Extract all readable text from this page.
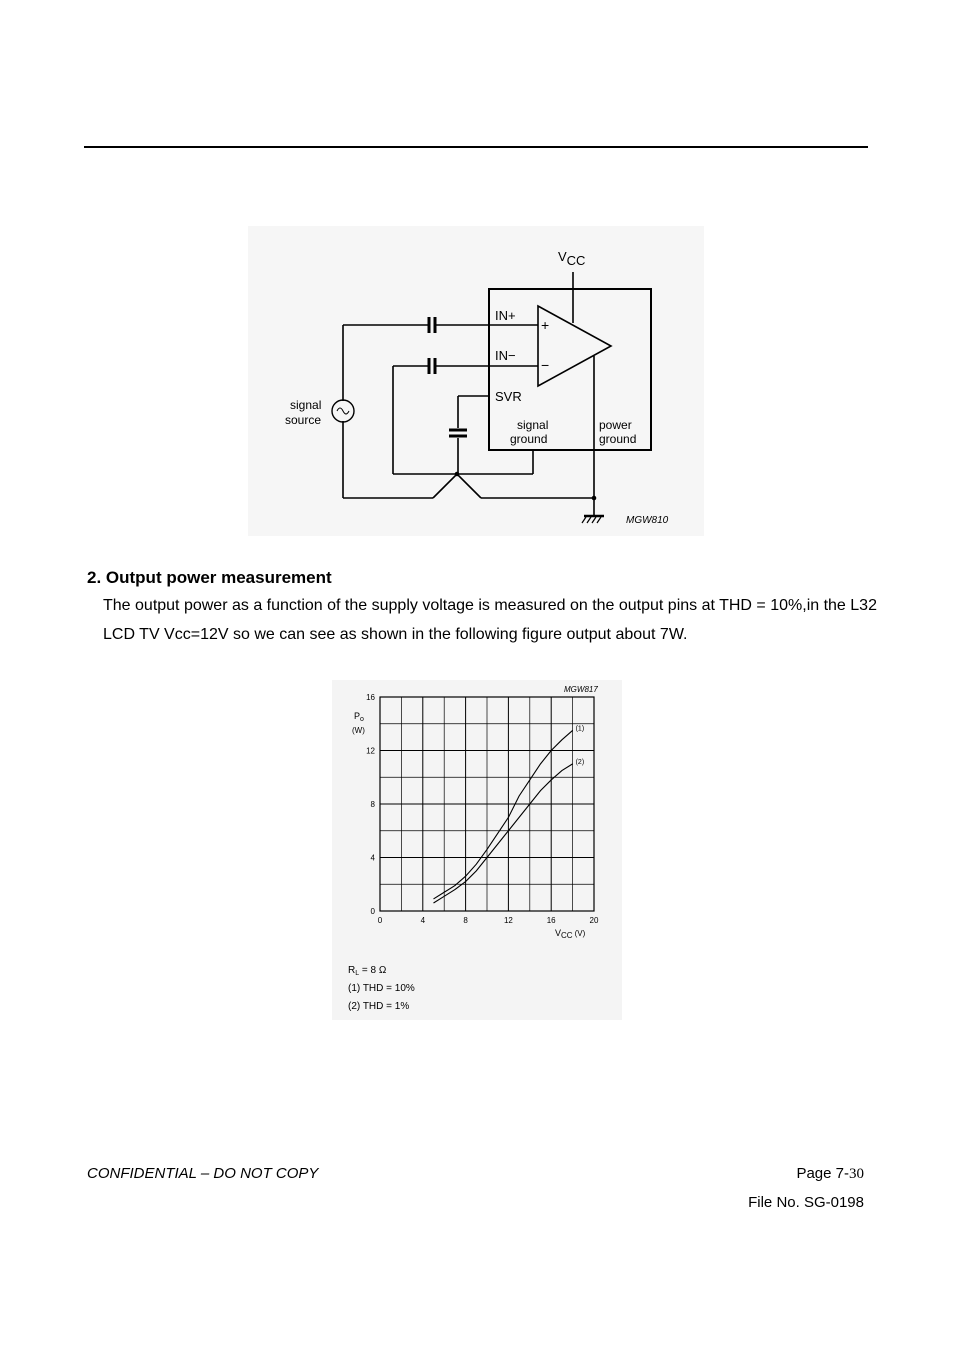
VCC
IN+
IN−
SVR
+
−
signal
source	signal
ground
power
ground
MGW810
2. Output power measurement
The output power as a function of the supply voltage is measured on the output pins at THD = 10%,in the L32 LCD TV Vcc=12V so we can see as shown in the following figure output about 7W.
0	4	8	12	16	20
0
4
8
12
16
(1)
(2)
MGW817
$P_o$
(W)
VCC (V)
$R_L = 8$ Ω
(1) THD = 10%
(2) THD = 1%
CONFIDENTIAL – DO NOT COPY	Page 7-30
File No. SG-0198
